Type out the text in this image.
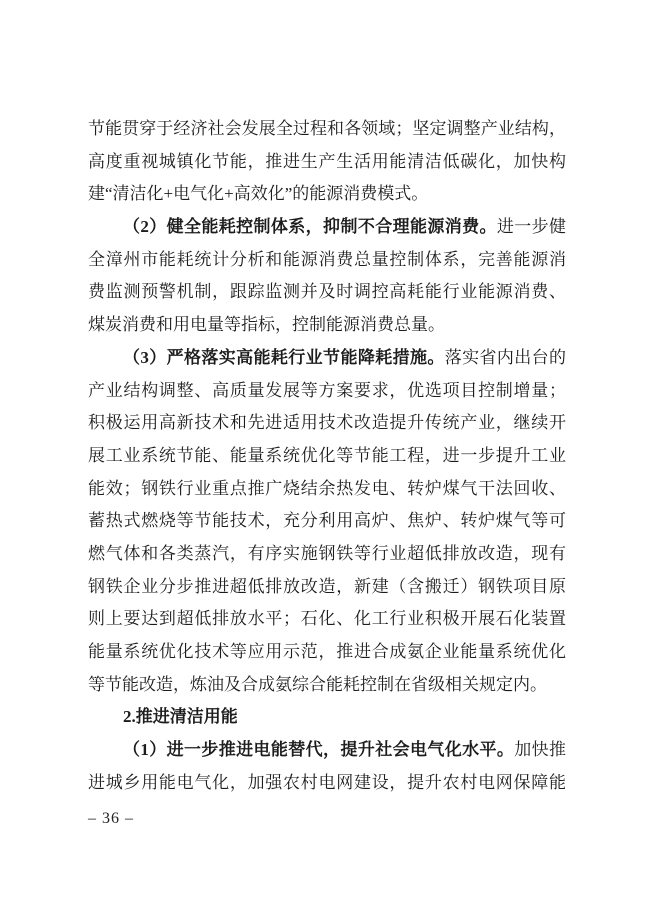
节能贯穿于经济社会发展全过程和各领域；坚定调整产业结构，
高度重视城镇化节能，推进生产生活用能清洁低碳化，加快构
建“清洁化+电气化+高效化”的能源消费模式。
（2）健全能耗控制体系，抑制不合理能源消费。进一步健
全漳州市能耗统计分析和能源消费总量控制体系，完善能源消
费监测预警机制，跟踪监测并及时调控高耗能行业能源消费、
煤炭消费和用电量等指标，控制能源消费总量。
（3）严格落实高能耗行业节能降耗措施。落实省内出台的
产业结构调整、高质量发展等方案要求，优选项目控制增量；
积极运用高新技术和先进适用技术改造提升传统产业，继续开
展工业系统节能、能量系统优化等节能工程，进一步提升工业
能效；钢铁行业重点推广烧结余热发电、转炉煤气干法回收、
蓄热式燃烧等节能技术，充分利用高炉、焦炉、转炉煤气等可
燃气体和各类蒸汽，有序实施钢铁等行业超低排放改造，现有
钢铁企业分步推进超低排放改造，新建（含搬迁）钢铁项目原
则上要达到超低排放水平；石化、化工行业积极开展石化装置
能量系统优化技术等应用示范，推进合成氨企业能量系统优化
等节能改造，炼油及合成氨综合能耗控制在省级相关规定内。
2.推进清洁用能
（1）进一步推进电能替代，提升社会电气化水平。加快推
进城乡用能电气化，加强农村电网建设，提升农村电网保障能
– 36 –
